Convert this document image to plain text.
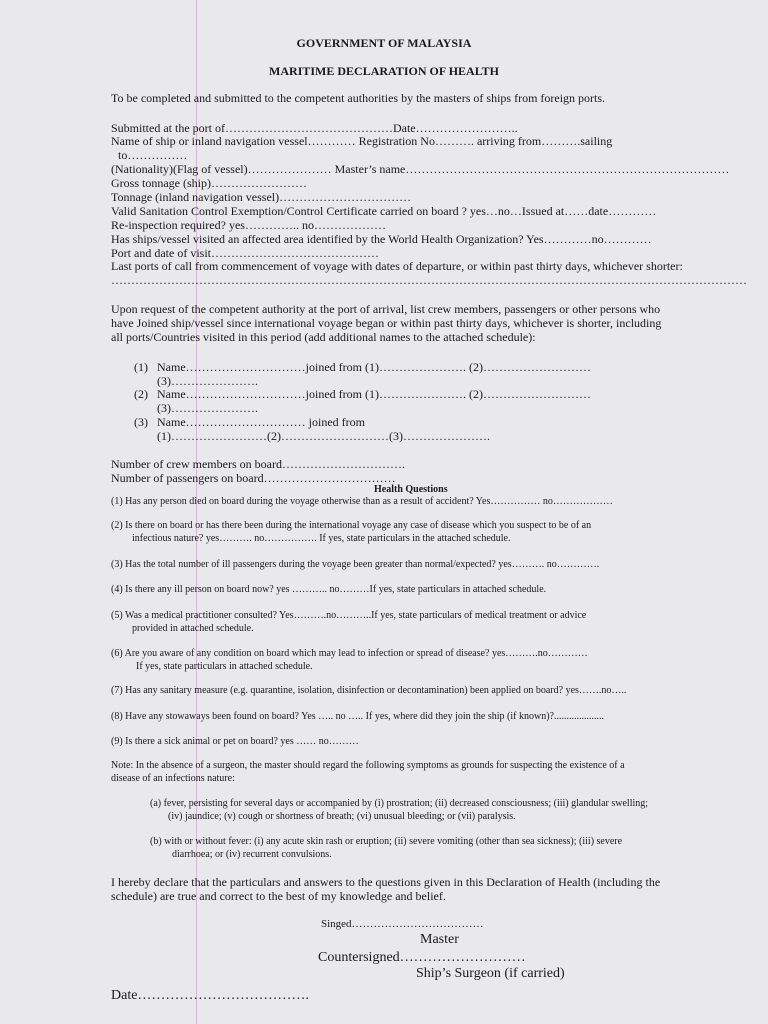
GOVERNMENT OF MALAYSIA
MARITIME DECLARATION OF HEALTH
To be completed and submitted to the competent authorities by the masters of ships from foreign ports.
Submitted at the port of……………………………………Date……………………..
Name of ship or inland navigation vessel………… Registration No………. arriving from……….sailing
to……………
(Nationality)(Flag of vessel)………………… Master’s name………………………………………………………………………
Gross tonnage (ship)……………………
Tonnage (inland navigation vessel)……………………………
Valid Sanitation Control Exemption/Control Certificate carried on board ? yes…no…Issued at……date…………
Re-inspection required? yes………….. no………………
Has ships/vessel visited an affected area identified by the World Health Organization? Yes…………no…………
Port and date of visit……………………………………
Last ports of call from commencement of voyage with dates of departure, or within past thirty days, whichever shorter:
……………………………………………………………………………………………………………………………………………
Upon request of the competent authority at the port of arrival, list crew members, passengers or other persons who
have Joined ship/vessel since international voyage began or within past thirty days, whichever is shorter, including
all ports/Countries visited in this period (add additional names to the attached schedule):
(1) Name…………………………joined from (1)…………………. (2)………………………
(3)………………….
(2) Name…………………………joined from (1)…………………. (2)………………………
(3)………………….
(3) Name………………………… joined from
(1)……………………(2)………………………(3)………………….
Number of crew members on board………………………….
Number of passengers on board……………………………
Health Questions
(1) Has any person died on board during the voyage otherwise than as a result of accident? Yes…………… no………………
(2) Is there on board or has there been during the international voyage any case of disease which you suspect to be of an
infectious nature? yes………. no……………. If yes, state particulars in the attached schedule.
(3) Has the total number of ill passengers during the voyage been greater than normal/expected? yes………. no………….
(4) Is there any ill person on board now? yes ……….. no………If yes, state particulars in attached schedule.
(5) Was a medical practitioner consulted? Yes……….no………..If yes, state particulars of medical treatment or advice
provided in attached schedule.
(6) Are you aware of any condition on board which may lead to infection or spread of disease? yes……….no…………
If yes, state particulars in attached schedule.
(7) Has any sanitary measure (e.g. quarantine, isolation, disinfection or decontamination) been applied on board? yes…….no…..
(8) Have any stowaways been found on board? Yes ….. no ….. If yes, where did they join the ship (if known)?....................
(9) Is there a sick animal or pet on board? yes …… no………
Note: In the absence of a surgeon, the master should regard the following symptoms as grounds for suspecting the existence of a
disease of an infections nature:
(a) fever, persisting for several days or accompanied by (i) prostration; (ii) decreased consciousness; (iii) glandular swelling;
(iv) jaundice; (v) cough or shortness of breath; (vi) unusual bleeding; or (vii) paralysis.
(b) with or without fever: (i) any acute skin rash or eruption; (ii) severe vomiting (other than sea sickness); (iii) severe
diarrhoea; or (iv) recurrent convulsions.
I hereby declare that the particulars and answers to the questions given in this Declaration of Health (including the
schedule) are true and correct to the best of my knowledge and belief.
Singed………………………………
Master
Countersigned………………………
Ship’s Surgeon (if carried)
Date……………………………….
